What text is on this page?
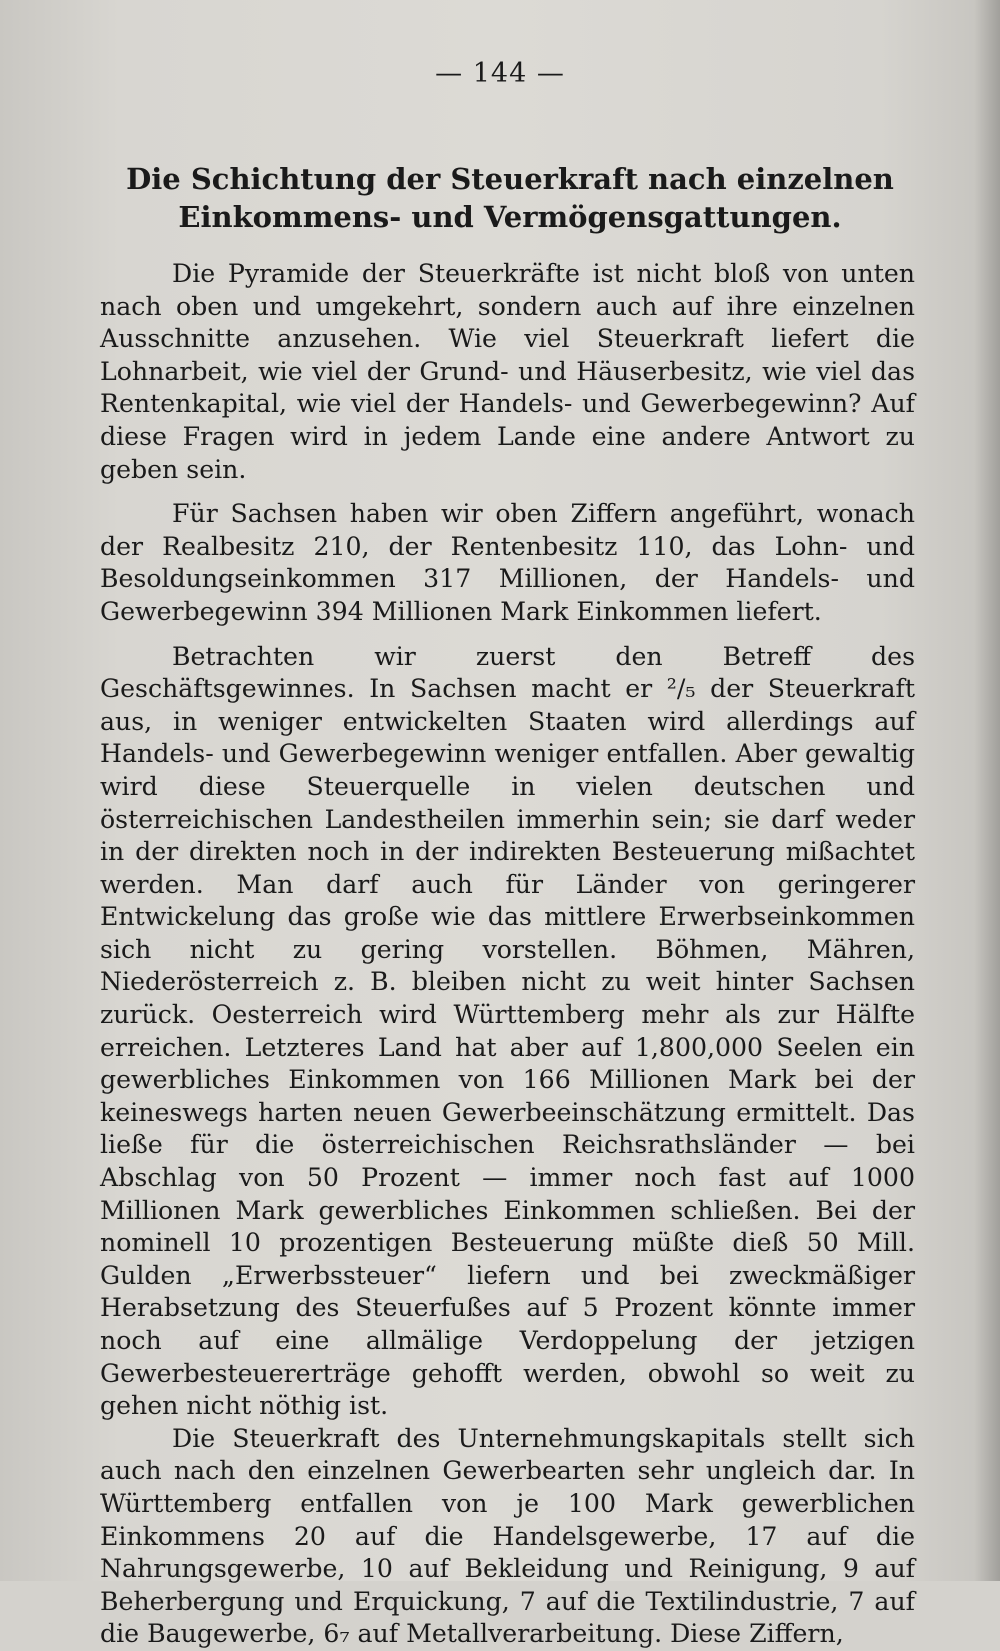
— 144 —
Die Schichtung der Steuerkraft nach einzelnen Einkommens- und Vermögensgattungen.

Die Pyramide der Steuerkräfte ist nicht bloß von unten nach oben und umgekehrt, sondern auch auf ihre einzelnen Ausschnitte anzusehen. Wie viel Steuerkraft liefert die Lohnarbeit, wie viel der Grund- und Häuserbesitz, wie viel das Rentenkapital, wie viel der Handels- und Gewerbegewinn? Auf diese Fragen wird in jedem Lande eine andere Antwort zu geben sein.

Für Sachsen haben wir oben Ziffern angeführt, wonach der Realbesitz 210, der Rentenbesitz 110, das Lohn- und Besoldungseinkommen 317 Millionen, der Handels- und Gewerbegewinn 394 Millionen Mark Einkommen liefert.

Betrachten wir zuerst den Betreff des Geschäftsgewinnes. In Sachsen macht er ²/₅ der Steuerkraft aus, in weniger entwickelten Staaten wird allerdings auf Handels- und Gewerbegewinn weniger entfallen. Aber gewaltig wird diese Steuerquelle in vielen deutschen und österreichischen Landestheilen immerhin sein; sie darf weder in der direkten noch in der indirekten Besteuerung mißachtet werden. Man darf auch für Länder von geringerer Entwickelung das große wie das mittlere Erwerbseinkommen sich nicht zu gering vorstellen. Böhmen, Mähren, Niederösterreich z. B. bleiben nicht zu weit hinter Sachsen zurück. Oesterreich wird Württemberg mehr als zur Hälfte erreichen. Letzteres Land hat aber auf 1,800,000 Seelen ein gewerbliches Einkommen von 166 Millionen Mark bei der keineswegs harten neuen Gewerbeeinschätzung ermittelt. Das ließe für die österreichischen Reichsrathsländer — bei Abschlag von 50 Prozent — immer noch fast auf 1000 Millionen Mark gewerbliches Einkommen schließen. Bei der nominell 10 prozentigen Besteuerung müßte dieß 50 Mill. Gulden „Erwerbssteuer“ liefern und bei zweckmäßiger Herabsetzung des Steuerfußes auf 5 Prozent könnte immer noch auf eine allmälige Verdoppelung der jetzigen Gewerbesteuererträge gehofft werden, obwohl so weit zu gehen nicht nöthig ist.

Die Steuerkraft des Unternehmungskapitals stellt sich auch nach den einzelnen Gewerbearten sehr ungleich dar. In Württemberg entfallen von je 100 Mark gewerblichen Einkommens 20 auf die Handelsgewerbe, 17 auf die Nahrungsgewerbe, 10 auf Bekleidung und Reinigung, 9 auf Beherbergung und Erquickung, 7 auf die Textilindustrie, 7 auf die Baugewerbe, 6₇ auf Metallverarbeitung. Diese Ziffern,
